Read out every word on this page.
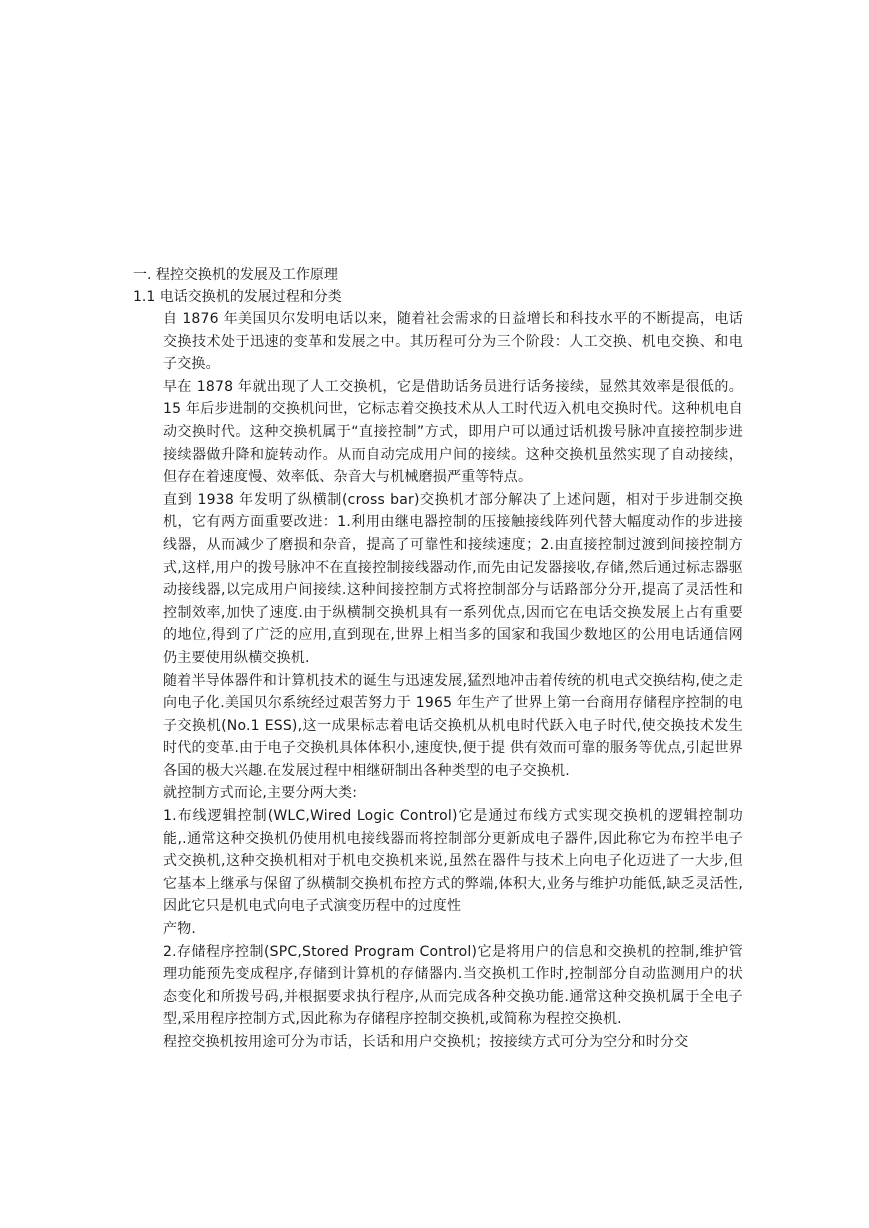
一. 程控交换机的发展及工作原理
1.1 电话交换机的发展过程和分类

自 1876 年美国贝尔发明电话以来，随着社会需求的日益增长和科技水平的不断提高，电话交换技术处于迅速的变革和发展之中。其历程可分为三个阶段：人工交换、机电交换、和电子交换。

早在 1878 年就出现了人工交换机，它是借助话务员进行话务接续，显然其效率是很低的。15 年后步进制的交换机问世，它标志着交换技术从人工时代迈入机电交换时代。这种机电自动交换时代。这种交换机属于“直接控制”方式，即用户可以通过话机拨号脉冲直接控制步进接续器做升降和旋转动作。从而自动完成用户间的接续。这种交换机虽然实现了自动接续，但存在着速度慢、效率低、杂音大与机械磨损严重等特点。

直到 1938 年发明了纵横制(cross bar)交换机才部分解决了上述问题，相对于步进制交换机，它有两方面重要改进：1.利用由继电器控制的压接触接线阵列代替大幅度动作的步进接线器，从而减少了磨损和杂音，提高了可靠性和接续速度；2.由直接控制过渡到间接控制方式,这样,用户的拨号脉冲不在直接控制接线器动作,而先由记发器接收,存储,然后通过标志器驱动接线器,以完成用户间接续.这种间接控制方式将控制部分与话路部分分开,提高了灵活性和控制效率,加快了速度.由于纵横制交换机具有一系列优点,因而它在电话交换发展上占有重要的地位,得到了广泛的应用,直到现在,世界上相当多的国家和我国少数地区的公用电话通信网仍主要使用纵横交换机.

随着半导体器件和计算机技术的诞生与迅速发展,猛烈地冲击着传统的机电式交换结构,使之走向电子化.美国贝尔系统经过艰苦努力于 1965 年生产了世界上第一台商用存储程序控制的电子交换机(No.1 ESS),这一成果标志着电话交换机从机电时代跃入电子时代,使交换技术发生时代的变革.由于电子交换机具体体积小,速度快,便于提 供有效而可靠的服务等优点,引起世界各国的极大兴趣.在发展过程中相继研制出各种类型的电子交换机.

就控制方式而论,主要分两大类:

1.布线逻辑控制(WLC,Wired Logic Control)它是通过布线方式实现交换机的逻辑控制功能,.通常这种交换机仍使用机电接线器而将控制部分更新成电子器件,因此称它为布控半电子式交换机,这种交换机相对于机电交换机来说,虽然在器件与技术上向电子化迈进了一大步,但它基本上继承与保留了纵横制交换机布控方式的弊端,体积大,业务与维护功能低,缺乏灵活性,因此它只是机电式向电子式演变历程中的过度性

产物.

2.存储程序控制(SPC,Stored Program Control)它是将用户的信息和交换机的控制,维护管理功能预先变成程序,存储到计算机的存储器内.当交换机工作时,控制部分自动监测用户的状态变化和所拨号码,并根据要求执行程序,从而完成各种交换功能.通常这种交换机属于全电子型,采用程序控制方式,因此称为存储程序控制交换机,或简称为程控交换机.

程控交换机按用途可分为市话，长话和用户交换机；按接续方式可分为空分和时分交
